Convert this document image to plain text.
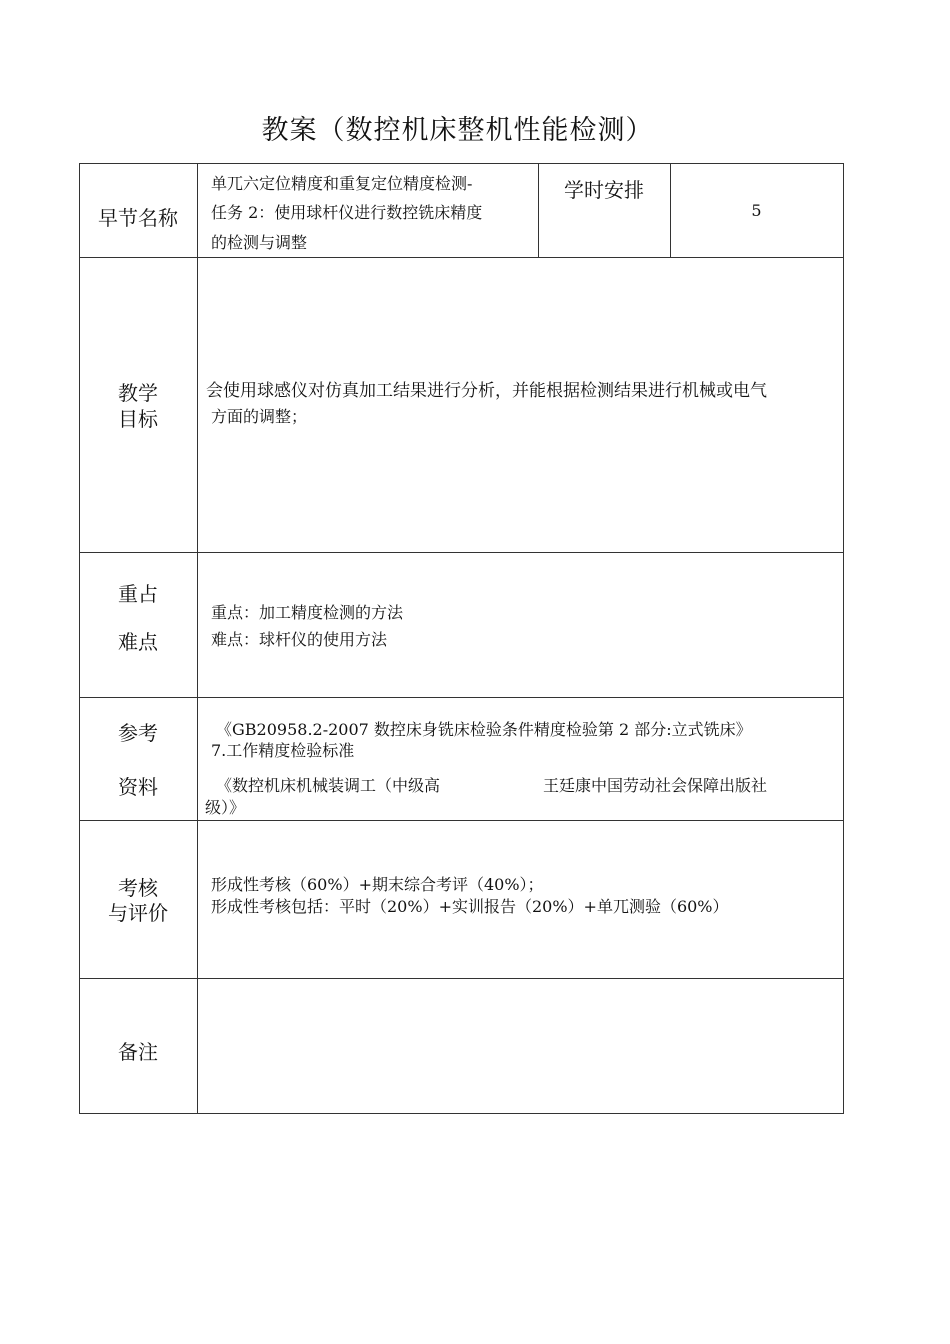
教案（数控机床整机性能检测）
早节名称
单兀六定位精度和重复定位精度检测-
任务 2：使用球杆仪进行数控铣床精度
的检测与调整
学时安排
5
教学
目标
会使用球感仪对仿真加工结果进行分析，并能根据检测结果进行机械或电气
方面的调整；
重占
难点
重点：加工精度检测的方法
难点：球杆仪的使用方法
参考
资料
《GB20958.2-2007 数控床身铣床检验条件精度检验第 2 部分:立式铣床》
7.工作精度检验标准
《数控机床机械装调工（中级高
级）》
王廷康中国劳动社会保障出版社
考核
与评价
形成性考核（60%）+期末综合考评（40%）；
形成性考核包括：平时（20%）+实训报告（20%）+单兀测验（60%）
备注
